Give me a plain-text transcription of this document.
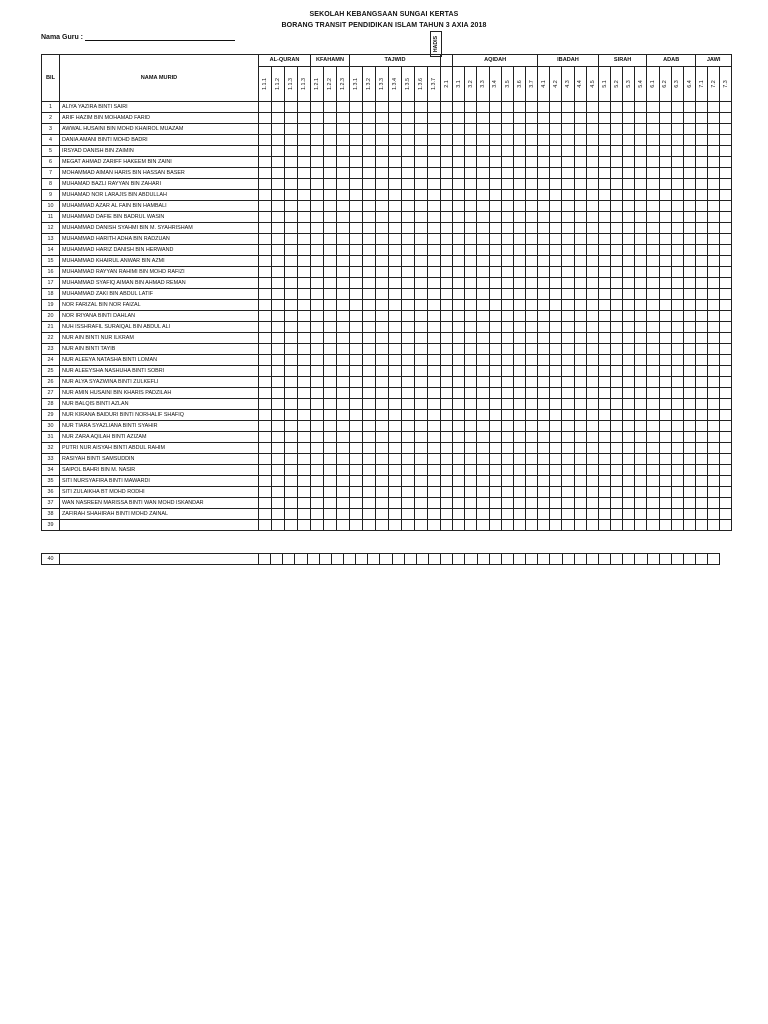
SEKOLAH KEBANGSAAN SUNGAI KERTAS
BORANG TRANSIT PENDIDIKAN ISLAM TAHUN 3 AXIA 2018
Nama Guru :	HADIS
BIL	NAMA MURID	AL-QURAN				KFAHAMN			TAJWID								AQIDAH							IBADAH					SIRAH				ADAB				JAWI		
		1.1.1	1.1.2	1.1.3	1.1.3	1.2.1	1.2.2	1.2.3	1.3.1	1.3.2	1.3.3	1.3.4	1.3.5	1.3.6	1.3.7	2.1	3.1	3.2	3.3	3.4	3.5	3.6	3.7	4.1	4.2	4.3	4.4	4.5	5.1	5.2	5.3	5.4	6.1	6.2	6.3	6.4	7.1	7.2	7.3
1	ALIYA YAZIRA BINTI SAIRI																																						
2	ARIF HAZIM BIN MOHAMAD FARID																																						
3	AWWAL HUSAINI BIN MOHD KHAIROL MUAZAM																																						
4	DANIA AMANI BINTI MOHD BADRI																																						
5	IRSYAD DANISH BIN ZAIMIN																																						
6	MEGAT AHMAD ZARIFF HAKEEM BIN ZAINI																																						
7	MOHAMMAD AIMAN HARIS BIN HASSAN BASER																																						
8	MUHAMAD BAZLI RAYYAN BIN ZAHARI																																						
9	MUHAMAD NOR LARAJIS BIN ABDULLAH																																						
10	MUHAMMAD AZAR AL FAIN BIN HAMBALI																																						
11	MUHAMMAD DAFIE BIN BADRUL WASIN																																						
12	MUHAMMAD DANISH SYAHMI BIN M. SYAHRISHAM																																						
13	MUHAMMAD HARITH ADHA BIN RADZUAN																																						
14	MUHAMMAD HARIZ DANISH BIN HERWAND																																						
15	MUHAMMAD KHAIRUL ANWAR BIN AZMI																																						
16	MUHAMMAD RAYYAN RAHIMI BIN MOHD RAFIZI																																						
17	MUHAMMAD SYAFIQ AIMAN BIN AHMAD REMAN																																						
18	MUHAMMAD ZAKI BIN ABDUL LATIF																																						
19	NOR FARIZAL BIN NOR FAIZAL																																						
20	NOR IRIYANA BINTI DAHLAN																																						
21	NUH ISSHRAFIL SURAIQAL BIN ABDUL ALI																																						
22	NUR AIN BINTI NUR ILKRAM																																						
23	NUR AIN BINTI TAYIB																																						
24	NUR ALEEYA NATASHA BINTI LOMAN																																						
25	NUR ALEEYSHA NASHUHA BINTI SOBRI																																						
26	NUR ALYA SYAZWINA BINTI ZULKEFLI																																						
27	NUR AMIN HUSAINI BIN KHARIS PADZILAH																																						
28	NUR BALQIS BINTI AZLAN																																						
29	NUR KIRANA BAIDURI BINTI NORHALIF SHAFIQ																																						
30	NUR TIARA SYAZLIANA BINTI SYAHIR																																						
31	NUR ZARA AQILAH BINTI AZIZAM																																						
32	PUTRI NUR AISYAH BINTI ABDUL RAHIM																																						
33	RASIYAH BINTI SAMSUDDIN																																						
34	SAIPOL BAHRI BIN M. NASIR																																						
35	SITI NURSYAFIRA BINTI MAWARDI																																						
36	SITI ZULAIKHA BT MOHD RODHI																																						
37	WAN NASREEN MARISSA BINTI WAN MOHD ISKANDAR																																						
38	ZAFIRAH SHAHIRAH BINTI MOHD ZAINAL																																						
39																																							
40																																							
